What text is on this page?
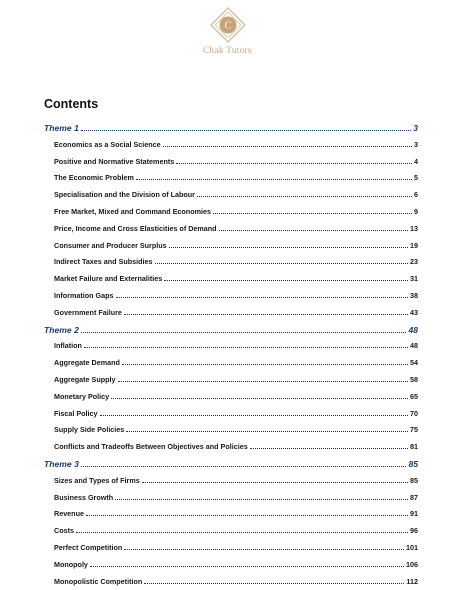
C
Chak Tutors
Contents
Theme 1	3
Economics as a Social Science	3
Positive and Normative Statements	4
The Economic Problem	5
Specialisation and the Division of Labour	6
Free Market, Mixed and Command Economies	9
Price, Income and Cross Elasticities of Demand	13
Consumer and Producer Surplus	19
Indirect Taxes and Subsidies	23
Market Failure and Externalities	31
Information Gaps	38
Government Failure	43
Theme 2	48
Inflation	48
Aggregate Demand	54
Aggregate Supply	58
Monetary Policy	65
Fiscal Policy	70
Supply Side Policies	75
Conflicts and Tradeoffs Between Objectives and Policies	81
Theme 3	85
Sizes and Types of Firms	85
Business Growth	87
Revenue	91
Costs	96
Perfect Competition	101
Monopoly	106
Monopolistic Competition	112
